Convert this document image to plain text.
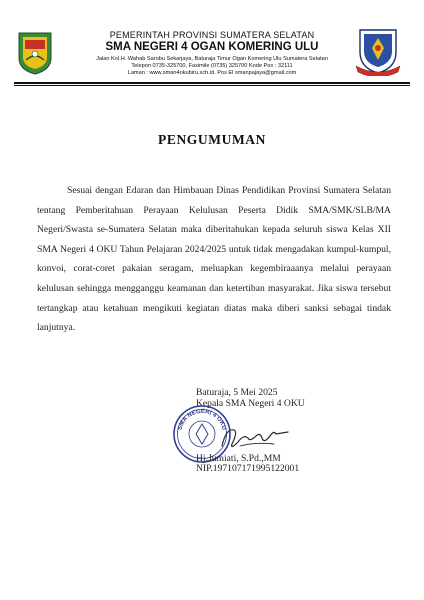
PEMERINTAH PROVINSI SUMATERA SELATAN
SMA NEGERI 4 OGAN KOMERING ULU
Jalan Kol.H. Wahab Sarobu Sekarjaya, Baturaja Timur Ogan Komering Ulu Sumatera Selatan
Telepon 0735-325700, Faximile (0735) 325700 Kode Pos : 32111
Laman : www.sman4okubiru.sch.id. Pos El smanpajaya@gmail.com
PENGUMUMAN

Sesuai dengan Edaran dan Himbauan Dinas Pendidikan Provinsi Sumatera Selatan tentang Pemberitahuan Perayaan Kelulusan Peserta Didik SMA/SMK/SLB/MA Negeri/Swasta se-Sumatera Selatan maka diberitahukan kepada seluruh siswa Kelas XII SMA Negeri 4 OKU Tahun Pelajaran 2024/2025 untuk tidak mengadakan kumpul-kumpul, konvoi, corat-coret pakaian seragam, meluapkan kegembiraaanya melalui perayaan kelulusan sehingga mengganggu keamanan dan ketertiban masyarakat. Jika siswa tersebut tertangkap atau ketahuan mengikuti kegiatan diatas maka diberi sanksi sebagai tindak lanjutnya.

Baturaja, 5 Mei 2025
Kepala SMA Negeri 4 OKU
SMA NEGERI 4 OKU
Hj.Jumiati, S.Pd.,MM
NIP.197107171995122001
